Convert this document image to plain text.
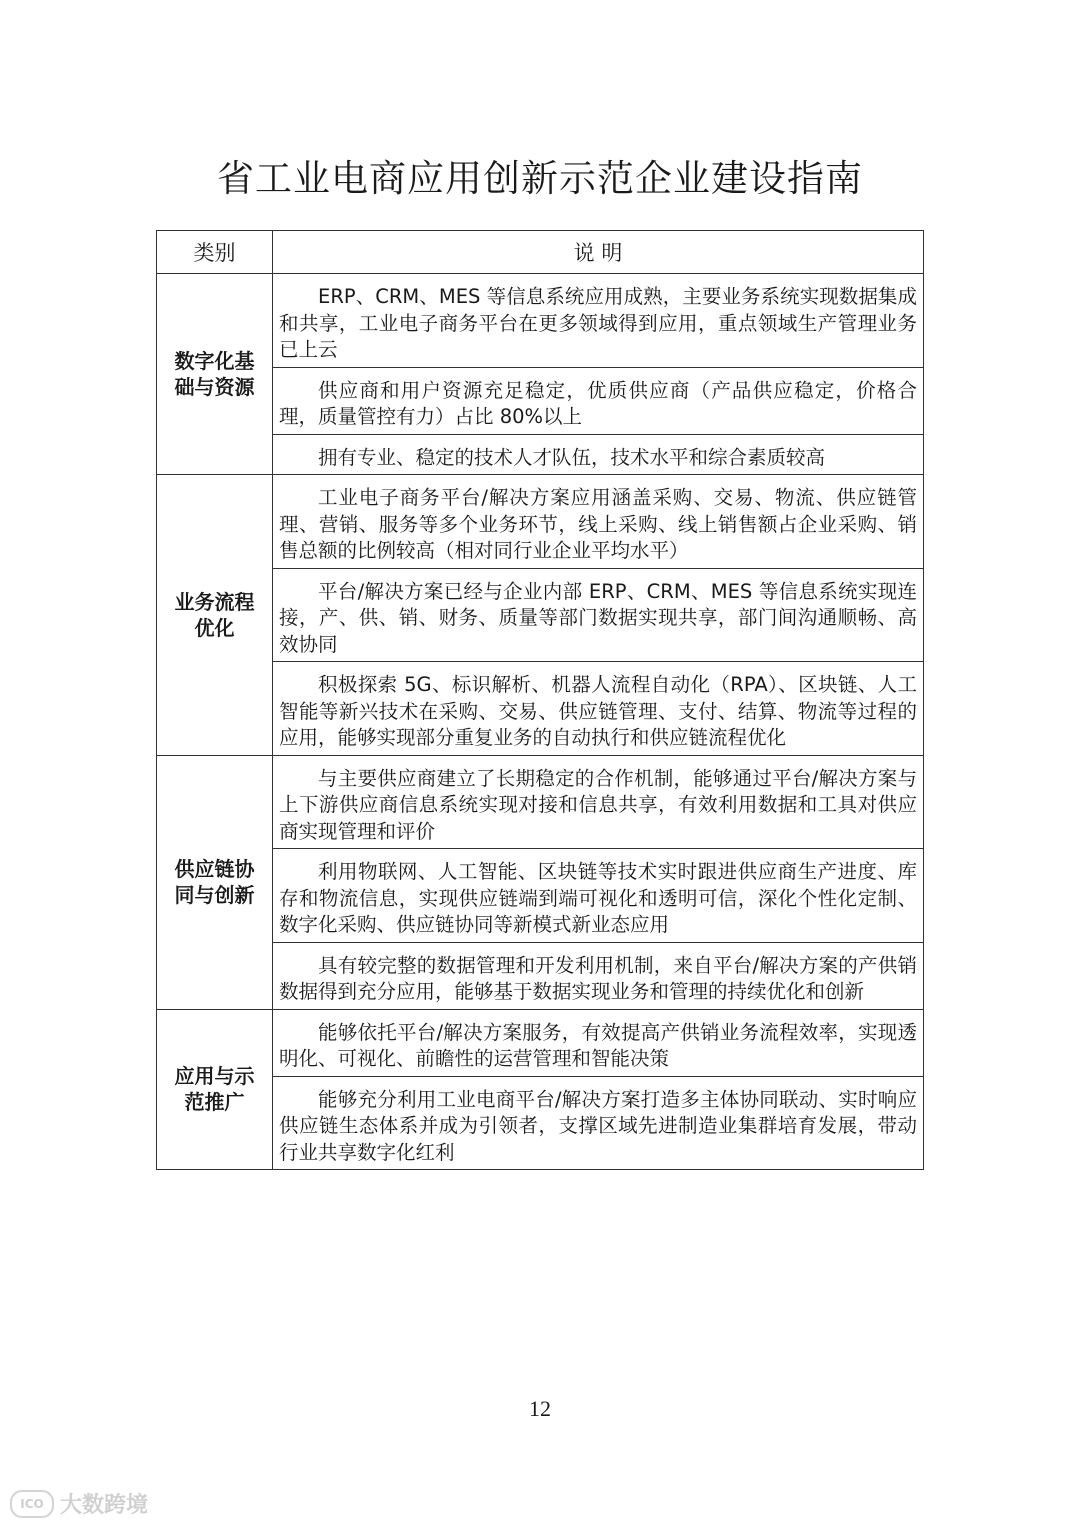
省工业电商应用创新示范企业建设指南
类别	说 明

数字化基
础与资源	ERP、CRM、MES 等信息系统应用成熟，主要业务系统实现数据集成和共享，工业电子商务平台在更多领域得到应用，重点领域生产管理业务已上云
	供应商和用户资源充足稳定，优质供应商（产品供应稳定，价格合理，质量管控有力）占比 80%以上
	拥有专业、稳定的技术人才队伍，技术水平和综合素质较高

业务流程
优化	工业电子商务平台/解决方案应用涵盖采购、交易、物流、供应链管理、营销、服务等多个业务环节，线上采购、线上销售额占企业采购、销售总额的比例较高（相对同行业企业平均水平）
	平台/解决方案已经与企业内部 ERP、CRM、MES 等信息系统实现连接，产、供、销、财务、质量等部门数据实现共享，部门间沟通顺畅、高效协同
	积极探索 5G、标识解析、机器人流程自动化（RPA）、区块链、人工智能等新兴技术在采购、交易、供应链管理、支付、结算、物流等过程的应用，能够实现部分重复业务的自动执行和供应链流程优化

供应链协
同与创新	与主要供应商建立了长期稳定的合作机制，能够通过平台/解决方案与上下游供应商信息系统实现对接和信息共享，有效利用数据和工具对供应商实现管理和评价
	利用物联网、人工智能、区块链等技术实时跟进供应商生产进度、库存和物流信息，实现供应链端到端可视化和透明可信，深化个性化定制、数字化采购、供应链协同等新模式新业态应用
	具有较完整的数据管理和开发利用机制，来自平台/解决方案的产供销数据得到充分应用，能够基于数据实现业务和管理的持续优化和创新

应用与示
范推广	能够依托平台/解决方案服务，有效提高产供销业务流程效率，实现透明化、可视化、前瞻性的运营管理和智能决策
	能够充分利用工业电商平台/解决方案打造多主体协同联动、实时响应供应链生态体系并成为引领者，支撑区域先进制造业集群培育发展，带动行业共享数字化红利
12
ICO 大数跨境
